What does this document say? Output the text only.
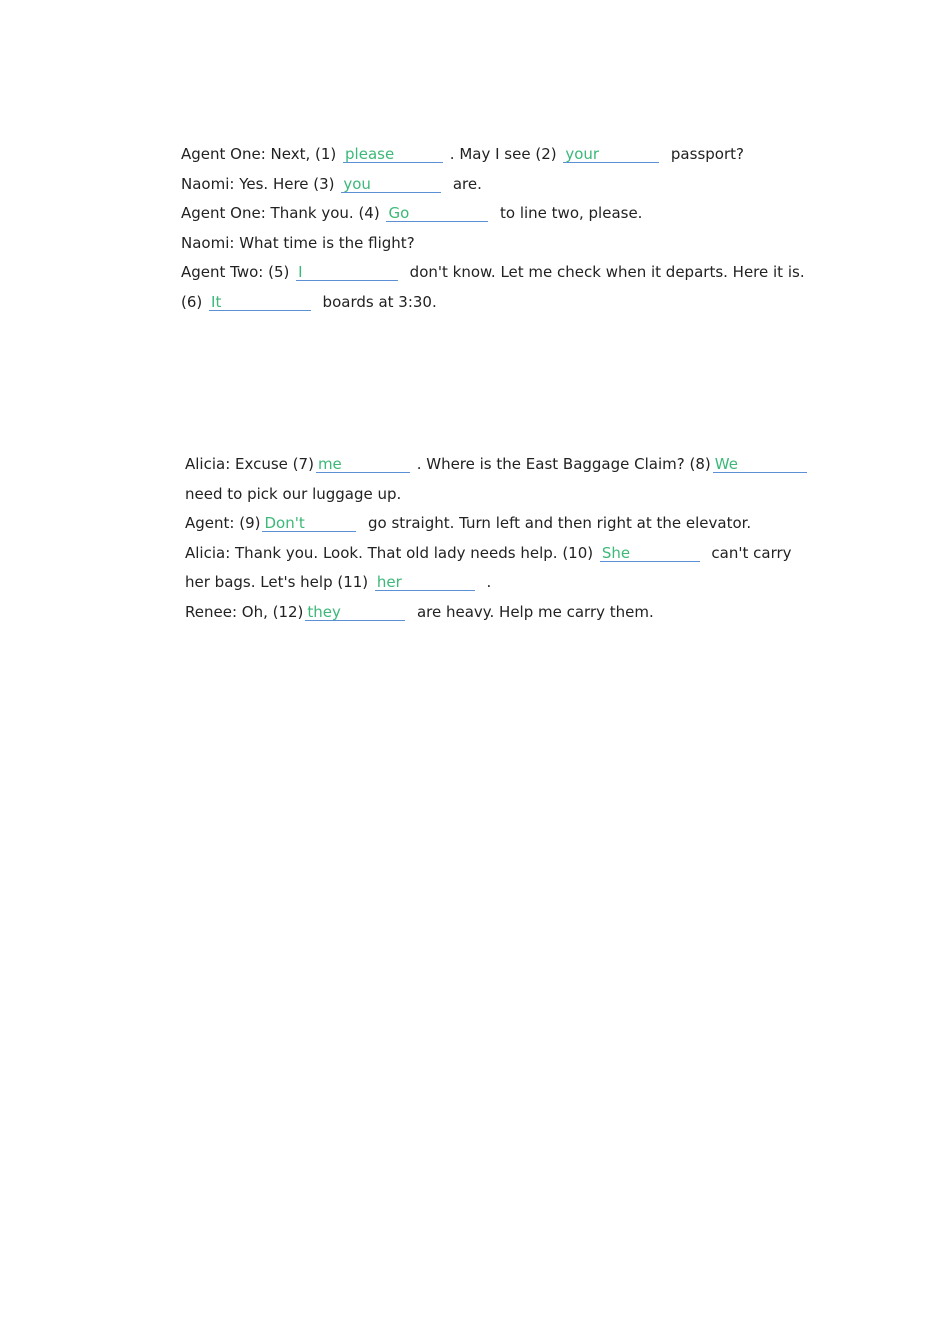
Agent One: Next, (1) please	. May I see (2) your	passport?
Naomi: Yes. Here (3) you	are.
Agent One: Thank you. (4) Go	to line two, please.
Naomi: What time is the flight?
Agent Two: (5) I	don't know. Let me check when it departs. Here it is.
(6) It	boards at 3:30.
Alicia: Excuse (7) me	. Where is the East Baggage Claim? (8) We
need to pick our luggage up.
Agent: (9) Don't	go straight. Turn left and then right at the elevator.
Alicia: Thank you. Look. That old lady needs help. (10) She	can't carry
her bags. Let's help (11) her	.
Renee: Oh, (12) they	are heavy. Help me carry them.
